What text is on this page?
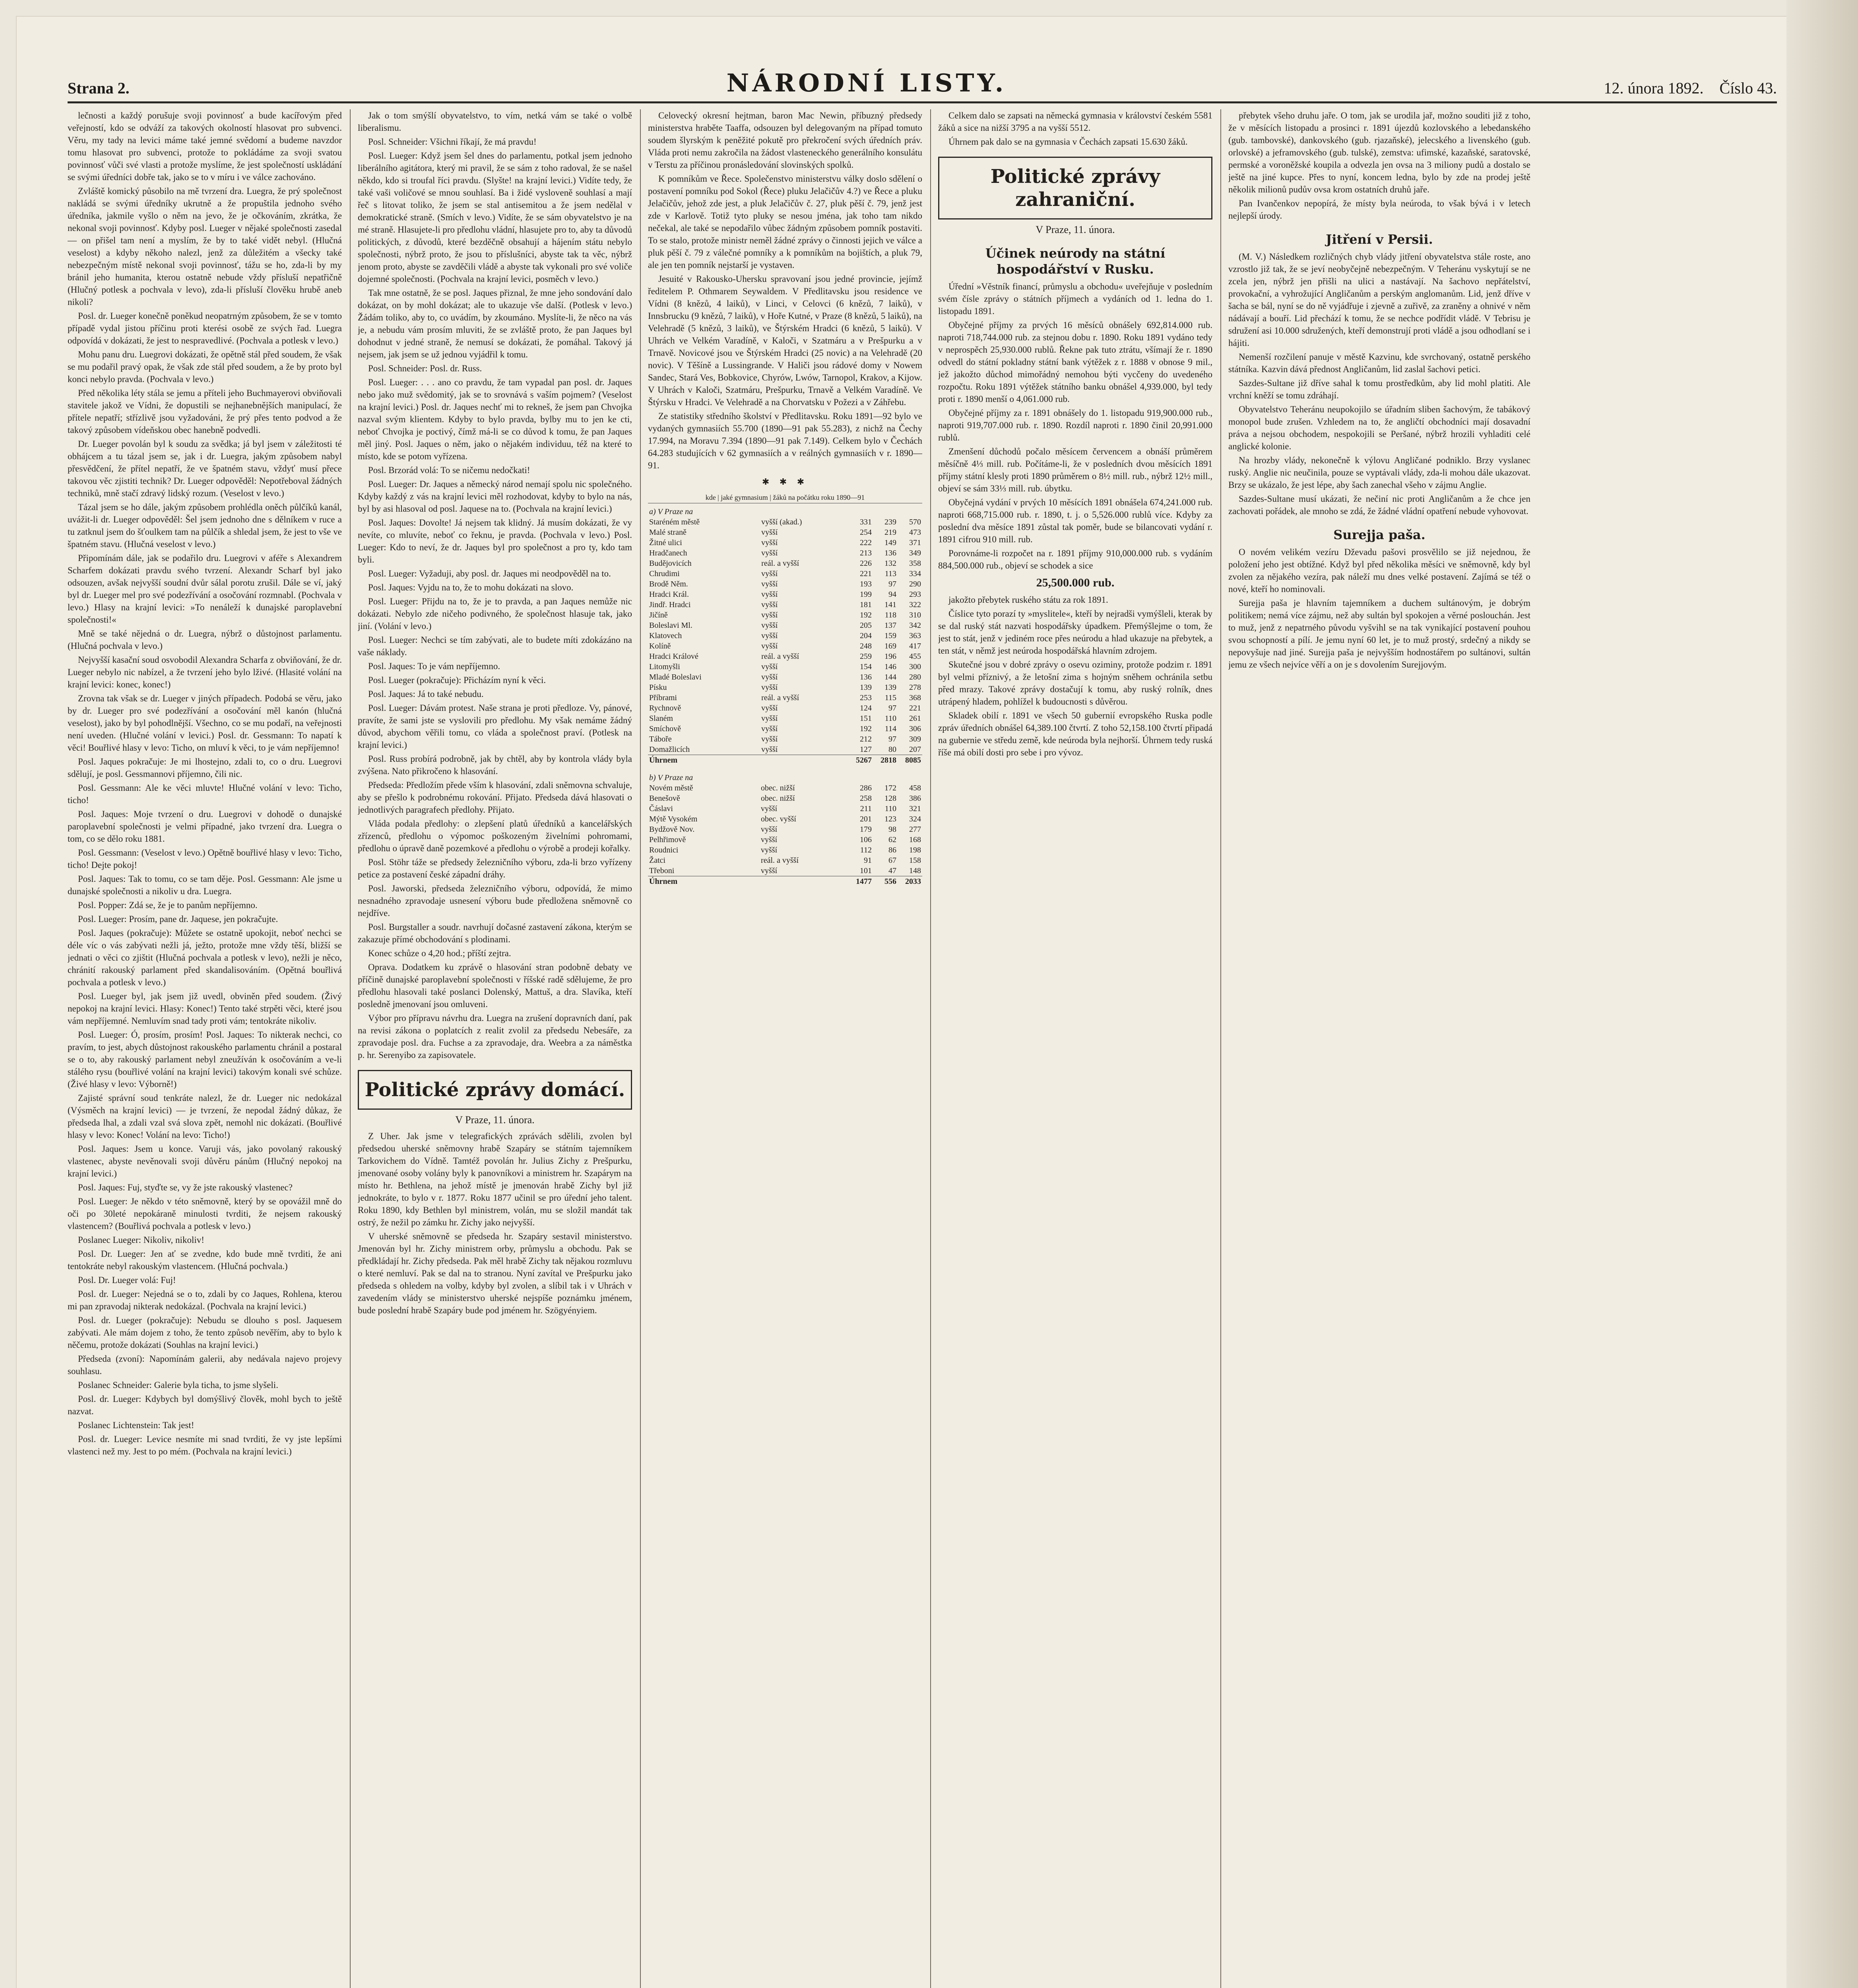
Strana 2.	NÁRODNÍ LISTY.	12. února 1892. Číslo 43.

lečnosti a každý porušuje svoji povinnosť a bude kacířovým před veřejností, kdo se odváží za takových okolností hlasovat pro subvenci. Věru, my tady na levici máme také jemné svědomí a budeme navzdor tomu hlasovat pro subvenci, protože to pokládáme za svoji svatou povinnosť vůči své vlasti a protože myslíme, že jest společností uskládání se svými úředníci dobře tak, jako se to v míru i ve válce zachováno.

Zvláště komický působilo na mě tvrzení dra. Luegra, že prý společnost nakládá se svými úředníky ukrutně a že propuštila jednoho svého úředníka, jakmile vyšlo o něm na jevo, že je očkováním, zkrátka, že nekonal svoji povinnosť. Kdyby posl. Lueger v nějaké společnosti zasedal — on přišel tam není a myslím, že by to také vidět nebyl. (Hlučná veselost) a kdyby někoho nalezl, jenž za důležitém a všecky také nebezpečným místě nekonal svoji povinnosť, tážu se ho, zda-li by my bránil jeho humanita, kterou ostatně nebude vždy přísluší nepatřičně (Hlučný potlesk a pochvala v levo), zda-li přísluší člověku hrubě aneb nikoli?

Posl. dr. Lueger konečně poněkud neopatrným způsobem, že se v tomto případě vydal jistou příčinu proti kterési osobě ze svých řad. Luegra odpovídá v dokázati, že jest to nespravedlivé. (Pochvala a potlesk v levo.)

Mohu panu dru. Luegrovi dokázati, že opětně stál před soudem, že však se mu podařil pravý opak, že však zde stál před soudem, a že by proto byl konci nebylo pravda. (Pochvala v levo.)

Před několika léty stála se jemu a příteli jeho Buchmayerovi obviňovali stavitele jakož ve Vídni, že dopustili se nejhanebnějších manipulací, že přítele nepatří; střízlivě jsou vyžadováni, že prý přes tento podvod a že takový způsobem vídeňskou obec hanebně podvedli.

Dr. Lueger povolán byl k soudu za svědka; já byl jsem v záležitosti té obhájcem a tu tázal jsem se, jak i dr. Luegra, jakým způsobem nabyl přesvědčení, že přítel nepatří, že ve špatném stavu, vždyť musí přece takovou věc zjistiti technik? Dr. Lueger odpověděl: Nepotřeboval žádných techniků, mně stačí zdravý lidský rozum. (Veselost v levo.)

Tázal jsem se ho dále, jakým způsobem prohlédla oněch půlčíků kanál, uvážit-li dr. Lueger odpověděl: Šel jsem jednoho dne s dělníkem v ruce a tu zatknul jsem do šťoulkem tam na půlčík a shledal jsem, že jest to vše ve špatném stavu. (Hlučná veselost v levo.)

Připomínám dále, jak se podařilo dru. Luegrovi v aféře s Alexandrem Scharfem dokázati pravdu svého tvrzení. Alexandr Scharf byl jako odsouzen, avšak nejvyšší soudní dvůr sálal porotu zrušil. Dále se ví, jaký byl dr. Lueger mel pro své podezřívání a osočování rozmnabl. (Pochvala v levo.) Hlasy na krajní levici: »To nenáleží k dunajské paroplavební společnosti!«

Mně se také nějedná o dr. Luegra, nýbrž o důstojnost parlamentu. (Hlučná pochvala v levo.)

Nejvyšší kasační soud osvobodil Alexandra Scharfa z obviňování, že dr. Lueger nebylo nic nabízel, a že tvrzení jeho bylo lživé. (Hlasité volání na krajní levici: konec, konec!)

Zrovna tak však se dr. Lueger v jiných případech. Podobá se věru, jako by dr. Lueger pro své podezřívání a osočování měl kanón (hlučná veselost), jako by byl pohodlnější. Všechno, co se mu podaří, na veřejnosti není uveden. (Hlučné volání v levici.) Posl. dr. Gessmann: To napatí k věci! Bouřlivé hlasy v levo: Ticho, on mluví k věci, to je vám nepříjemno!

Posl. Jaques pokračuje: Je mi lhostejno, zdali to, co o dru. Luegrovi sdělují, je posl. Gessmannovi příjemno, čili nic.

Posl. Gessmann: Ale ke věci mluvte! Hlučné volání v levo: Ticho, ticho!

Posl. Jaques: Moje tvrzení o dru. Luegrovi v dohodě o dunajské paroplavební společnosti je velmi případné, jako tvrzení dra. Luegra o tom, co se dělo roku 1881.

Posl. Gessmann: (Veselost v levo.) Opětně bouřlivé hlasy v levo: Ticho, ticho! Dejte pokoj!

Posl. Jaques: Tak to tomu, co se tam děje. Posl. Gessmann: Ale jsme u dunajské společnosti a nikoliv u dra. Luegra.

Posl. Popper: Zdá se, že je to panům nepříjemno.

Posl. Lueger: Prosím, pane dr. Jaquese, jen pokračujte.

Posl. Jaques (pokračuje): Můžete se ostatně upokojit, neboť nechci se déle víc o vás zabývati nežli já, ježto, protože mne vždy těší, bližší se jednati o věci co zjištit (Hlučná pochvala a potlesk v levo), nežli je něco, chránití rakouský parlament před skandalisováním. (Opětná bouřlivá pochvala a potlesk v levo.)

Posl. Lueger byl, jak jsem již uvedl, obviněn před soudem. (Živý nepokoj na krajní levici. Hlasy: Konec!) Tento také strpěti věci, které jsou vám nepříjemné. Nemluvím snad tady proti vám; tentokráte nikoliv.

Posl. Lueger: Ó, prosím, prosím! Posl. Jaques: To nikterak nechci, co pravím, to jest, abych důstojnost rakouského parlamentu chránil a postaral se o to, aby rakouský parlament nebyl zneužíván k osočováním a ve-li stálého rysu (bouřlivé volání na krajní levici) takovým konali své schůze. (Živé hlasy v levo: Výborně!)

Zajisté správní soud tenkráte nalezl, že dr. Lueger nic nedokázal (Výsměch na krajní levici) — je tvrzení, že nepodal žádný důkaz, že předseda lhal, a zdali vzal svá slova zpět, nemohl nic dokázati. (Bouřlivé hlasy v levo: Konec! Volání na levo: Ticho!)

Posl. Jaques: Jsem u konce. Varuji vás, jako povolaný rakouský vlastenec, abyste nevěnovali svoji důvěru pánům (Hlučný nepokoj na krajní levici.)

Posl. Jaques: Fuj, styďte se, vy že jste rakouský vlastenec?

Posl. Lueger: Je někdo v této sněmovně, který by se opovážil mně do oči po 30leté nepokáraně minulosti tvrditi, že nejsem rakouský vlastencem? (Bouřlivá pochvala a potlesk v levo.)

Poslanec Lueger: Nikoliv, nikoliv!

Posl. Dr. Lueger: Jen ať se zvedne, kdo bude mně tvrditi, že ani tentokráte nebyl rakouským vlastencem. (Hlučná pochvala.)

Posl. Dr. Lueger volá: Fuj!

Posl. dr. Lueger: Nejedná se o to, zdali by co Jaques, Rohlena, kterou mi pan zpravodaj nikterak nedokázal. (Pochvala na krajní levici.)

Posl. dr. Lueger (pokračuje): Nebudu se dlouho s posl. Jaquesem zabývati. Ale mám dojem z toho, že tento způsob nevěřím, aby to bylo k něčemu, protože dokázati (Souhlas na krajní levici.)

Předseda (zvoní): Napomínám galerii, aby nedávala najevo projevy souhlasu.

Poslanec Schneider: Galerie byla ticha, to jsme slyšeli.

Posl. dr. Lueger: Kdybych byl domýšlivý člověk, mohl bych to ještě nazvat.

Poslanec Lichtenstein: Tak jest!

Posl. dr. Lueger: Levice nesmíte mi snad tvrditi, že vy jste lepšími vlastenci než my. Jest to po mém. (Pochvala na krajní levici.)

Jak o tom smýšlí obyvatelstvo, to vím, netká vám se také o volbě liberalismu.

Posl. Schneider: Všichni říkají, že má pravdu!

Posl. Lueger: Když jsem šel dnes do parlamentu, potkal jsem jednoho liberálního agitátora, který mi pravil, že se sám z toho radoval, že se našel někdo, kdo si troufal říci pravdu. (Slyšte! na krajní levici.) Vidíte tedy, že také vaši voličové se mnou souhlasí. Ba i židé vysloveně souhlasí a mají řeč s litovat toliko, že jsem se stal antisemitou a že jsem nedělal v demokratické straně. (Smích v levo.) Vidíte, že se sám obyvatelstvo je na mé straně. Hlasujete-li pro předlohu vládní, hlasujete pro to, aby ta důvodů politických, z důvodů, které bezděčně obsahují a hájením státu nebylo společnosti, nýbrž proto, že jsou to příslušníci, abyste tak ta věc, nýbrž jenom proto, abyste se zavděčili vládě a abyste tak vykonali pro své voliče dojemné společnosti. (Pochvala na krajní levici, posměch v levo.)

Tak mne ostatně, že se posl. Jaques přiznal, že mne jeho sondování dalo dokázat, on by mohl dokázat; ale to ukazuje vše další. (Potlesk v levo.) Žádám toliko, aby to, co uvádím, by zkoumáno. Myslíte-li, že něco na vás je, a nebudu vám prosím mluviti, že se zvláště proto, že pan Jaques byl dohodnut v jedné straně, že nemusí se dokázati, že pomáhal. Takový já nejsem, jak jsem se už jednou vyjádřil k tomu.

Posl. Schneider: Posl. dr. Russ.

Posl. Lueger: . . . ano co pravdu, že tam vypadal pan posl. dr. Jaques nebo jako muž svědomitý, jak se to srovnává s vaším pojmem? (Veselost na krajní levici.) Posl. dr. Jaques nechť mi to rekneš, že jsem pan Chvojka nazval svým klientem. Kdyby to bylo pravda, bylby mu to jen ke cti, neboť Chvojka je poctivý, čímž má-li se co důvod k tomu, že pan Jaques měl jiný. Posl. Jaques o něm, jako o nějakém individuu, též na které to místo, kde se potom vyřízena.

Posl. Brzorád volá: To se ničemu nedočkati!

Posl. Lueger: Dr. Jaques a německý národ nemají spolu nic společného. Kdyby každý z vás na krajní levici měl rozhodovat, kdyby to bylo na nás, byl by asi hlasoval od posl. Jaquese na to. (Pochvala na krajní levici.)

Posl. Jaques: Dovolte! Já nejsem tak klidný. Já musím dokázati, že vy nevíte, co mluvíte, neboť co řeknu, je pravda. (Pochvala v levo.) Posl. Lueger: Kdo to neví, že dr. Jaques byl pro společnost a pro ty, kdo tam byli.

Posl. Lueger: Vyžaduji, aby posl. dr. Jaques mi neodpověděl na to.

Posl. Jaques: Vyjdu na to, že to mohu dokázati na slovo.

Posl. Lueger: Přijdu na to, že je to pravda, a pan Jaques nemůže nic dokázati. Nebylo zde ničeho podivného, že společnost hlasuje tak, jako jiní. (Volání v levo.)

Posl. Lueger: Nechci se tím zabývati, ale to budete míti zdokázáno na vaše náklady.

Posl. Jaques: To je vám nepříjemno.

Posl. Lueger (pokračuje): Přicházím nyní k věci.

Posl. Jaques: Já to také nebudu.

Posl. Lueger: Dávám protest. Naše strana je proti předloze. Vy, pánové, pravíte, že sami jste se vyslovili pro předlohu. My však nemáme žádný důvod, abychom věřili tomu, co vláda a společnost praví. (Potlesk na krajní levici.)

Posl. Russ probírá podrobně, jak by chtěl, aby by kontrola vlády byla zvýšena. Nato přikročeno k hlasování.

Předseda: Předložím přede vším k hlasování, zdali sněmovna schvaluje, aby se přešlo k podrobnému rokování. Přijato. Předseda dává hlasovati o jednotlivých paragrafech předlohy. Přijato.

Vláda podala předlohy: o zlepšení platů úředníků a kancelářských zřízenců, předlohu o výpomoc poškozeným živelními pohromami, předlohu o úpravě daně pozemkové a předlohu o výrobě a prodeji kořalky.

Posl. Stöhr táže se předsedy železničního výboru, zda-li brzo vyřízeny petice za postavení české západní dráhy.

Posl. Jaworski, předseda železničního výboru, odpovídá, že mimo nesnadného zpravodaje usnesení výboru bude předložena sněmovně co nejdříve.

Posl. Burgstaller a soudr. navrhují dočasné zastavení zákona, kterým se zakazuje přímé obchodování s plodinami.

Konec schůze o 4,20 hod.; příští zejtra.

Oprava. Dodatkem ku zprávě o hlasování stran podobně debaty ve příčině dunajské paroplavební společnosti v říšské radě sdělujeme, že pro předlohu hlasovali také poslanci Dolenský, Mattuš, a dra. Slavíka, kteří posledně jmenovaní jsou omluveni.

Výbor pro přípravu návrhu dra. Luegra na zrušení dopravních daní, pak na revisi zákona o poplatcích z realit zvolil za předsedu Nebesáře, za zpravodaje posl. dra. Fuchse a za zpravodaje, dra. Weebra a za náměstka p. hr. Serenyibo za zapisovatele.

Politické zprávy domácí.
V Praze, 11. února.

Z Uher. Jak jsme v telegrafických zprávách sdělili, zvolen byl předsedou uherské sněmovny hrabě Szapáry se státním tajemníkem Tarkovichem do Vídně. Tamtéž povolán hr. Julius Zichy z Prešpurku, jmenované osoby volány byly k panovníkovi a ministrem hr. Szapárym na místo hr. Bethlena, na jehož místě je jmenován hrabě Zichy byl již jednokráte, to bylo v r. 1877. Roku 1877 učinil se pro úřední jeho talent. Roku 1890, kdy Bethlen byl ministrem, volán, mu se složil mandát tak ostrý, že nežil po zámku hr. Zichy jako nejvyšší.

V uherské sněmovně se předseda hr. Szapáry sestavil ministerstvo. Jmenován byl hr. Zichy ministrem orby, průmyslu a obchodu. Pak se předkládají hr. Zichy předseda. Pak měl hrabě Zichy tak nějakou rozmluvu o které nemluví. Pak se dal na to stranou. Nyní zavítal ve Prešpurku jako předseda s ohledem na volby, kdyby byl zvolen, a slíbil tak i v Uhrách v zavedením vlády se ministerstvo uherské nejspíše poznámku jménem, bude poslední hrabě Szapáry bude pod jménem hr. Szögyényiem.

Celovecký okresní hejtman, baron Mac Newin, příbuzný předsedy ministerstva hraběte Taaffa, odsouzen byl delegovaným na případ tomuto soudem šlyrským k peněžité pokutě pro překročení svých úředních práv. Vláda proti nemu zakročila na žádost vlasteneckého generálního konsulátu v Terstu za příčinou pronásledování slovinských spolků.

K pomníkům ve Řece. Společenstvo ministerstvu války doslo sdělení o postavení pomníku pod Sokol (Řece) pluku Jelačičův 4.?) ve Řece a pluku Jelačičův, jehož zde jest, a pluk Jelačičův č. 27, pluk pěší č. 79, jenž jest zde v Karlově. Totiž tyto pluky se nesou jména, jak toho tam nikdo nečekal, ale také se nepodařilo vůbec žádným způsobem pomník postaviti. To se stalo, protože ministr neměl žádné zprávy o činnosti jejich ve válce a pluk pěší č. 79 z válečné pomníky a k pomníkům na bojištích, a pluk 79, ale jen ten pomník nejstarší je vystaven.

Jesuité v Rakousko-Uhersku spravovaní jsou jedné provincie, jejímž ředitelem P. Othmarem Seywaldem. V Předlitavsku jsou residence ve Vídni (8 knězů, 4 laiků), v Linci, v Celovci (6 knězů, 7 laiků), v Innsbrucku (9 knězů, 7 laiků), v Hoře Kutné, v Praze (8 knězů, 5 laiků), na Velehradě (5 knězů, 3 laiků), ve Štýrském Hradci (6 knězů, 5 laiků). V Uhrách ve Velkém Varadíně, v Kaloči, v Szatmáru a v Prešpurku a v Trnavě. Novicové jsou ve Štýrském Hradci (25 novic) a na Velehradě (20 novic). V Těšíně a Lussingrande. V Haliči jsou rádové domy v Nowem Sandec, Stará Ves, Bobkovice, Chyrów, Lwów, Tarnopol, Krakov, a Kijow. V Uhrách v Kaloči, Szatmáru, Prešpurku, Trnavě a Velkém Varadíně. Ve Štýrsku v Hradci. Ve Velehradě a na Chorvatsku v Požezi a v Záhřebu.

Ze statistiky středního školství v Předlitavsku. Roku 1891—92 bylo ve vydaných gymnasiích 55.700 (1890—91 pak 55.283), z nichž na Čechy 17.994, na Moravu 7.394 (1890—91 pak 7.149). Celkem bylo v Čechách 64.283 studujících v 62 gymnasiích a v reálných gymnasiích v r. 1890—91.

✱ ✱ ✱
kde | jaké gymnasium | žáků na počátku roku 1890—91				
a) V Praze na				
Staréném městě	vyšší (akad.)	331	239	570
Malé straně	vyšší	254	219	473
Žitné ulici	vyšší	222	149	371
Hradčanech	vyšší	213	136	349
Budějovicích	reál. a vyšší	226	132	358
Chrudimi	vyšší	221	113	334
Brodě Něm.	vyšší	193	97	290
Hradci Král.	vyšší	199	94	293
Jindř. Hradci	vyšší	181	141	322
Jičíně	vyšší	192	118	310
Boleslavi Ml.	vyšší	205	137	342
Klatovech	vyšší	204	159	363
Kolíně	vyšší	248	169	417
Hradci Králové	reál. a vyšší	259	196	455
Litomyšli	vyšší	154	146	300
Mladé Boleslavi	vyšší	136	144	280
Písku	vyšší	139	139	278
Příbrami	reál. a vyšší	253	115	368
Rychnově	vyšší	124	97	221
Slaném	vyšší	151	110	261
Smíchově	vyšší	192	114	306
Táboře	vyšší	212	97	309
Domažlicích	vyšší	127	80	207
Úhrnem		5267	2818	8085
b) V Praze na				
Novém městě	obec. nižší	286	172	458
Benešově	obec. nižší	258	128	386
Čáslavi	vyšší	211	110	321
Mýtě Vysokém	obec. vyšší	201	123	324
Bydžově Nov.	vyšší	179	98	277
Pelhřimově	vyšší	106	62	168
Roudnici	vyšší	112	86	198
Žatci	reál. a vyšší	91	67	158
Třeboni	vyšší	101	47	148
Úhrnem		1477	556	2033

Celkem dalo se zapsati na německá gymnasia v království českém 5581 žáků a sice na nižší 3795 a na vyšší 5512.

Úhrnem pak dalo se na gymnasia v Čechách zapsati 15.630 žáků.

Politické zprávy zahraniční.
V Praze, 11. února.
Účinek neúrody na státní hospodářství v Rusku.

Úřední »Věstník financí, průmyslu a obchodu« uveřejňuje v posledním svém čísle zprávy o státních příjmech a vydáních od 1. ledna do 1. listopadu 1891.

Obyčejné příjmy za prvých 16 měsíců obnášely 692,814.000 rub. naproti 718,744.000 rub. za stejnou dobu r. 1890. Roku 1891 vydáno tedy v neprospěch 25,930.000 rublů. Řekne pak tuto ztrátu, všímají že r. 1890 odvedl do státní pokladny státní bank výtěžek z r. 1888 v obnose 9 mil., jež jakožto důchod mimořádný nemohou býti vycčeny do uvedeného rozpočtu. Roku 1891 výtěžek státního banku obnášel 4,939.000, byl tedy proti r. 1890 menší o 4,061.000 rub.

Obyčejné příjmy za r. 1891 obnášely do 1. listopadu 919,900.000 rub., naproti 919,707.000 rub. r. 1890. Rozdíl naproti r. 1890 činil 20,991.000 rublů.

Zmenšení důchodů počalo měsícem červencem a obnáší průměrem měsíčně 4⅓ mill. rub. Počítáme-li, že v posledních dvou měsících 1891 příjmy státní klesly proti 1890 průměrem o 8½ mill. rub., nýbrž 12½ mill., objeví se sám 33⅓ mill. rub. úbytku.

Obyčejná vydání v prvých 10 měsících 1891 obnášela 674,241.000 rub. naproti 668,715.000 rub. r. 1890, t. j. o 5,526.000 rublů více. Kdyby za poslední dva měsíce 1891 zůstal tak poměr, bude se bilancovati vydání r. 1891 cifrou 910 mill. rub.

Porovnáme-li rozpočet na r. 1891 příjmy 910,000.000 rub. s vydáním 884,500.000 rub., objeví se schodek a sice

25,500.000 rub.

jakožto přebytek ruského státu za rok 1891.

Číslice tyto porazí ty »myslitele«, kteří by nejradši vymýšleli, kterak by se dal ruský stát nazvati hospodářsky úpadkem. Přemýšlejme o tom, že jest to stát, jenž v jediném roce přes neúrodu a hlad ukazuje na přebytek, a ten stát, v němž jest neúroda hospodářská hlavním zdrojem.

Skutečné jsou v dobré zprávy o osevu oziminy, protože podzim r. 1891 byl velmi příznivý, a že letošní zima s hojným sněhem ochránila setbu před mrazy. Takové zprávy dostačují k tomu, aby ruský rolník, dnes utrápený hladem, pohlížel k budoucnosti s důvěrou.

Skladek obilí r. 1891 ve všech 50 gubernií evropského Ruska podle zpráv úředních obnášel 64,389.100 čtvrtí. Z toho 52,158.100 čtvrtí připadá na gubernie ve středu země, kde neúroda byla nejhorší. Úhrnem tedy ruská říše má obilí dosti pro sebe i pro vývoz.

přebytek všeho druhu jaře. O tom, jak se urodila jař, možno souditi již z toho, že v měsících listopadu a prosinci r. 1891 újezdů kozlovského a lebedanského (gub. tambovské), dankovského (gub. rjazaňské), jelecského a livenského (gub. orlovské) a jeframovského (gub. tulské), zemstva: ufimské, kazaňské, saratovské, permské a voroněžské koupila a odvezla jen ovsa na 3 miliony pudů a dostalo se ještě na jiné kupce. Přes to nyní, koncem ledna, bylo by zde na prodej ještě několik milionů pudův ovsa krom ostatních druhů jaře.

Pan Ivančenkov nepopírá, že místy byla neúroda, to však bývá i v letech nejlepší úrody.

Jitření v Persii.

(M. V.) Následkem rozličných chyb vlády jitření obyvatelstva stále roste, ano vzrostlo již tak, že se jeví neobyčejně nebezpečným. V Teheránu vyskytují se ne zcela jen, nýbrž jen přišli na ulici a nastávají. Na šachovo nepřátelství, provokační, a vyhrožující Angličanům a perským anglomanům. Lid, jenž dříve v šacha se bál, nyní se do ně vyjádřuje i zjevně a zuřivě, za zraněny a ohnivé v něm nádávají a bouří. Lid přechází k tomu, že se nechce podřídit vládě. V Tebrisu je sdružení asi 10.000 sdružených, kteří demonstrují proti vládě a jsou odhodlaní se i hájiti.

Nemenší rozčilení panuje v městě Kazvinu, kde svrchovaný, ostatně perského státníka. Kazvin dává přednost Angličanům, lid zaslal šachovi petici.

Sazdes-Sultane již dříve sahal k tomu prostředkům, aby lid mohl platiti. Ale vrchní kněží se tomu zdráhají.

Obyvatelstvo Teheránu neupokojilo se úřadním sliben šachovým, že tabákový monopol bude zrušen. Vzhledem na to, že angličtí obchodníci mají dosavadní práva a nejsou obchodem, nespokojili se Peršané, nýbrž hrozili vyhladiti celé anglické kolonie.

Na hrozby vlády, nekonečně k výlovu Angličané podniklo. Brzy vyslanec ruský. Anglie nic neučinila, pouze se vyptávali vlády, zda-li mohou dále ukazovat. Brzy se ukázalo, že jest lépe, aby šach zanechal všeho v zájmu Anglie.

Sazdes-Sultane musí ukázati, že nečiní nic proti Angličanům a že chce jen zachovati pořádek, ale mnoho se zdá, že žádné vládní opatření nebude vyhovovat.

Surejja paša.

O novém velikém vezíru Dževadu pašovi prosvělilo se již nejednou, že položení jeho jest obtížné. Když byl před několika měsíci ve sněmovně, kdy byl zvolen za nějakého vezíra, pak náleží mu dnes velké postavení. Zajímá se též o nové, kteří ho nominovali.

Surejja paša je hlavním tajemníkem a duchem sultánovým, je dobrým politikem; nemá více zájmu, než aby sultán byl spokojen a věrné poslouchán. Jest to muž, jenž z nepatrného původu vyšvihl se na tak vynikající postavení pouhou svou schopností a pílí. Je jemu nyní 60 let, je to muž prostý, srdečný a nikdy se nepovyšuje nad jiné. Surejja paša je nejvyšším hodnostářem po sultánovi, sultán jemu ze všech nejvíce věří a on je s dovolením Surejjovým.
